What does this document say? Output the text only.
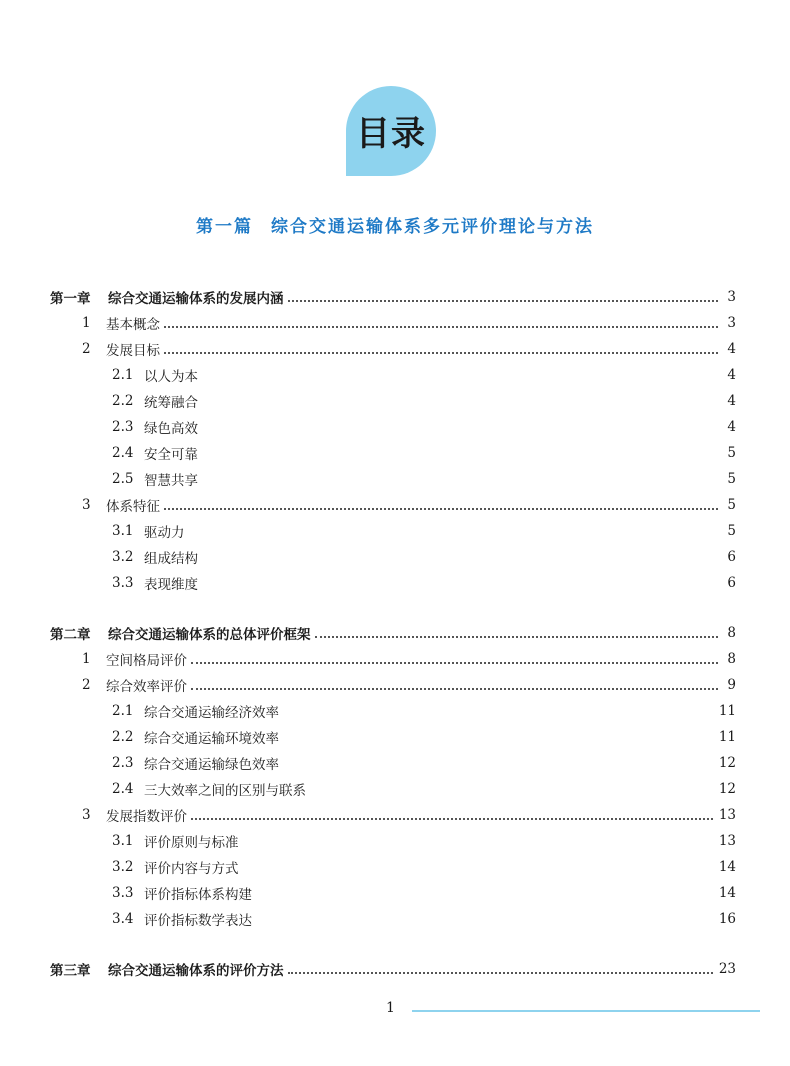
目录
第一篇 综合交通运输体系多元评价理论与方法
第一章	综合交通运输体系的发展内涵	3
1	基本概念	3
2	发展目标	4
2.1 以人为本	4
2.2 统筹融合	4
2.3 绿色高效	4
2.4 安全可靠	5
2.5 智慧共享	5
3	体系特征	5
3.1 驱动力	5
3.2 组成结构	6
3.3 表现维度	6
第二章	综合交通运输体系的总体评价框架	8
1	空间格局评价	8
2	综合效率评价	9
2.1 综合交通运输经济效率	11
2.2 综合交通运输环境效率	11
2.3 综合交通运输绿色效率	12
2.4 三大效率之间的区别与联系	12
3	发展指数评价	13
3.1 评价原则与标准	13
3.2 评价内容与方式	14
3.3 评价指标体系构建	14
3.4 评价指标数学表达	16
第三章	综合交通运输体系的评价方法	23
1
